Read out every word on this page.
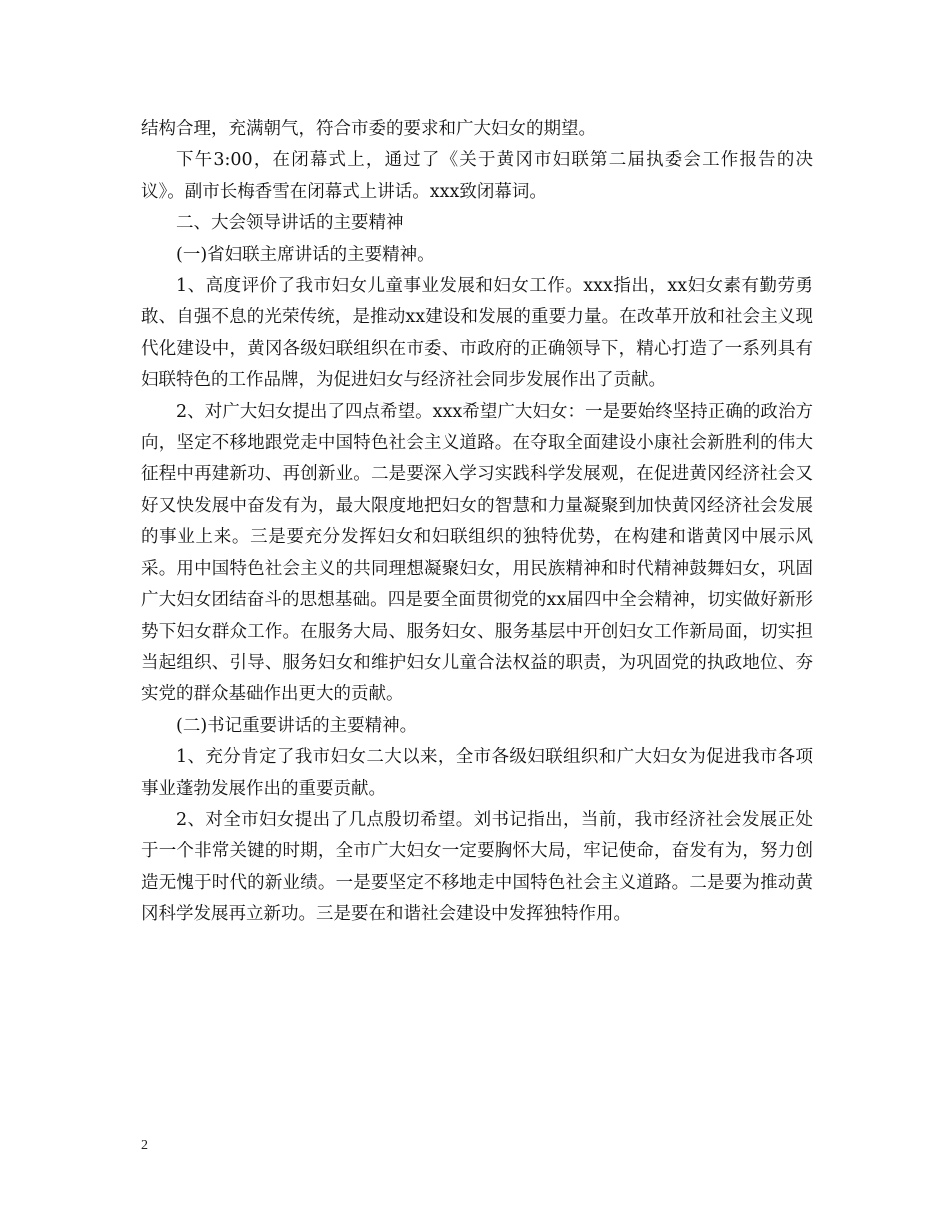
结构合理，充满朝气，符合市委的要求和广大妇女的期望。

下午3:00，在闭幕式上，通过了《关于黄冈市妇联第二届执委会工作报告的决议》。副市长梅香雪在闭幕式上讲话。xxx致闭幕词。

二、大会领导讲话的主要精神

(一)省妇联主席讲话的主要精神。

1、高度评价了我市妇女儿童事业发展和妇女工作。xxx指出，xx妇女素有勤劳勇敢、自强不息的光荣传统，是推动xx建设和发展的重要力量。在改革开放和社会主义现代化建设中，黄冈各级妇联组织在市委、市政府的正确领导下，精心打造了一系列具有妇联特色的工作品牌，为促进妇女与经济社会同步发展作出了贡献。

2、对广大妇女提出了四点希望。xxx希望广大妇女：一是要始终坚持正确的政治方向，坚定不移地跟党走中国特色社会主义道路。在夺取全面建设小康社会新胜利的伟大征程中再建新功、再创新业。二是要深入学习实践科学发展观，在促进黄冈经济社会又好又快发展中奋发有为，最大限度地把妇女的智慧和力量凝聚到加快黄冈经济社会发展的事业上来。三是要充分发挥妇女和妇联组织的独特优势，在构建和谐黄冈中展示风采。用中国特色社会主义的共同理想凝聚妇女，用民族精神和时代精神鼓舞妇女，巩固广大妇女团结奋斗的思想基础。四是要全面贯彻党的xx届四中全会精神，切实做好新形势下妇女群众工作。在服务大局、服务妇女、服务基层中开创妇女工作新局面，切实担当起组织、引导、服务妇女和维护妇女儿童合法权益的职责，为巩固党的执政地位、夯实党的群众基础作出更大的贡献。

(二)书记重要讲话的主要精神。

1、充分肯定了我市妇女二大以来，全市各级妇联组织和广大妇女为促进我市各项事业蓬勃发展作出的重要贡献。

2、对全市妇女提出了几点殷切希望。刘书记指出，当前，我市经济社会发展正处于一个非常关键的时期，全市广大妇女一定要胸怀大局，牢记使命，奋发有为，努力创造无愧于时代的新业绩。一是要坚定不移地走中国特色社会主义道路。二是要为推动黄冈科学发展再立新功。三是要在和谐社会建设中发挥独特作用。

2
